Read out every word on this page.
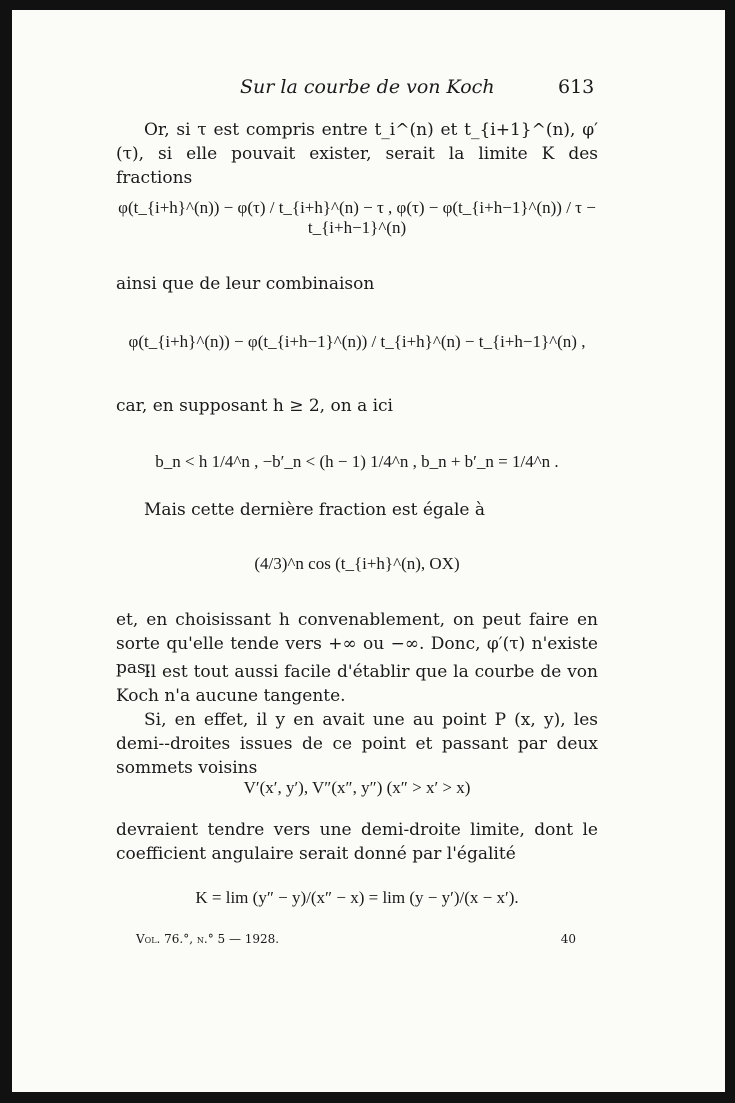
Sur la courbe de von Koch	613
Or, si τ est compris entre t_i^(n) et t_{i+1}^(n), φ′(τ), si elle pouvait exister, serait la limite K des fractions
φ(t_{i+h}^(n)) − φ(τ) / t_{i+h}^(n) − τ , φ(τ) − φ(t_{i+h−1}^(n)) / τ − t_{i+h−1}^(n)
ainsi que de leur combinaison
φ(t_{i+h}^(n)) − φ(t_{i+h−1}^(n)) / t_{i+h}^(n) − t_{i+h−1}^(n) ,
car, en supposant h ≥ 2, on a ici
b_n < h 1/4^n , −b′_n < (h − 1) 1/4^n , b_n + b′_n = 1/4^n .
Mais cette dernière fraction est égale à
(4/3)^n cos (t_{i+h}^(n), OX)
et, en choisissant h convenablement, on peut faire en sorte qu'elle tende vers +∞ ou −∞. Donc, φ′(τ) n'existe pas.
Il est tout aussi facile d'établir que la courbe de von Koch n'a aucune tangente.
Si, en effet, il y en avait une au point P (x, y), les demi--droites issues de ce point et passant par deux sommets voisins
V′(x′, y′), V″(x″, y″) (x″ > x′ > x)
devraient tendre vers une demi-droite limite, dont le coefficient angulaire serait donné par l'égalité
K = lim (y″ − y)/(x″ − x) = lim (y − y′)/(x − x′).
Vol. 76.°, n.° 5 — 1928.	40
